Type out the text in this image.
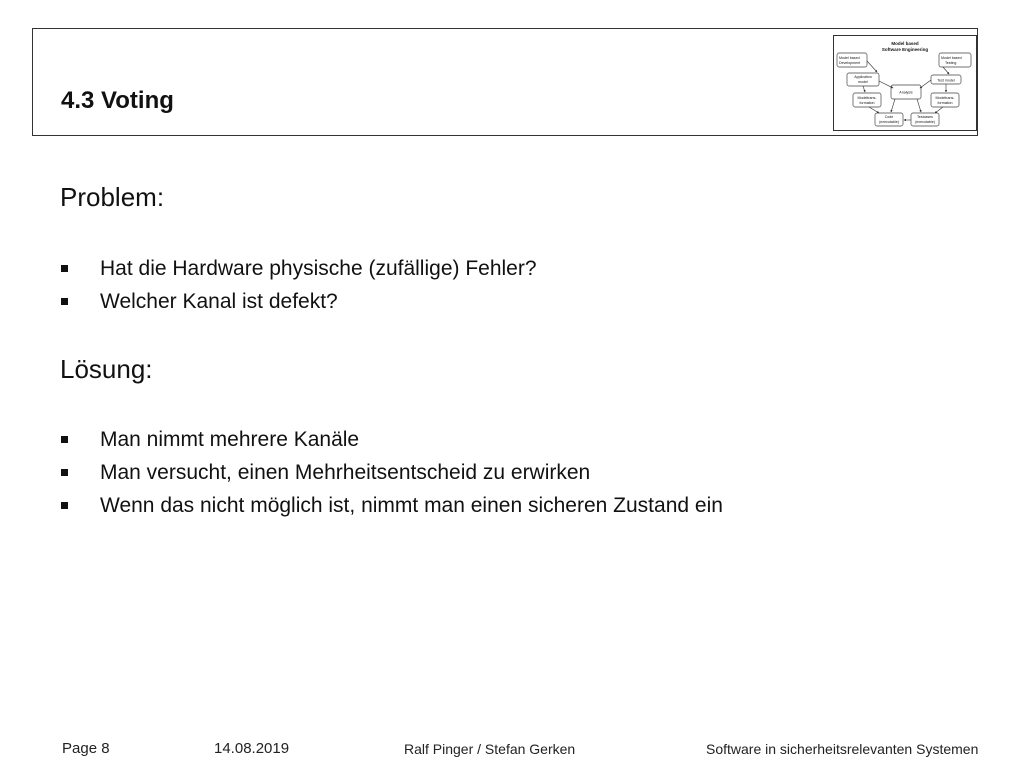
4.3 Voting
Model based
Software Engineering
Model based
Development
Model based
Testing
Application
model	Test model
Analysis
Modeltrans-
formation
Modeltrans-
formation
Code
(executable)
Testcases
(executable)
Problem:
Hat die Hardware physische (zufällige) Fehler?
Welcher Kanal ist defekt?
Lösung:
Man nimmt mehrere Kanäle
Man versucht, einen Mehrheitsentscheid zu erwirken
Wenn das nicht möglich ist, nimmt man einen sicheren Zustand ein
Page 8	14.08.2019	Ralf Pinger / Stefan Gerken	Software in sicherheitsrelevanten Systemen
